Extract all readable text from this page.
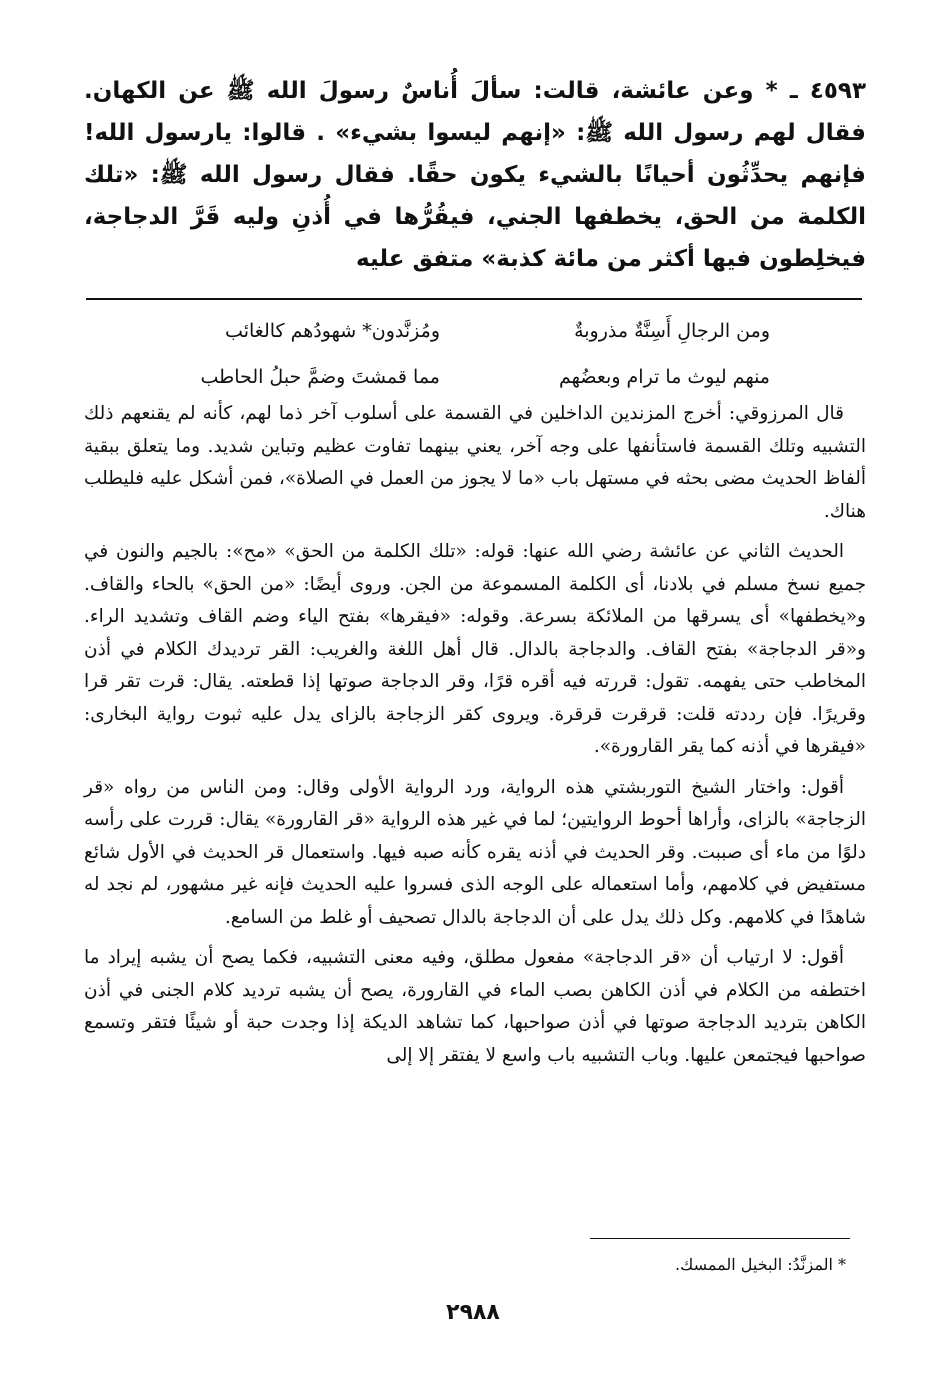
٤٥٩٣ ـ * وعن عائشة، قالت: سألَ أُناسٌ رسولَ الله ﷺ عن الكهان. فقال لهم رسول الله ﷺ: «إنهم ليسوا بشيء» . قالوا: يارسول الله! فإنهم يحدِّثُون أحيانًا بالشيء يكون حقًا. فقال رسول الله ﷺ: «تلك الكلمة من الحق، يخطفها الجني، فيقُرُّها في أُذنِ وليه قَرَّ الدجاجة، فيخلِطون فيها أكثر من مائة كذبة» متفق عليه
ومن الرجالِ أَسِنَّةٌ مذروبةٌ
ومُزنَّدون* شهودُهم كالغائب
منهم ليوث ما ترام وبعضُهم
مما قمشتَ وضمَّ حبلُ الحاطب

قال المرزوقي: أخرج المزندين الداخلين في القسمة على أسلوب آخر ذما لهم، كأنه لم يقنعهم ذلك التشبيه وتلك القسمة فاستأنفها على وجه آخر، يعني بينهما تفاوت عظيم وتباين شديد. وما يتعلق ببقية ألفاظ الحديث مضى بحثه في مستهل باب «ما لا يجوز من العمل في الصلاة»، فمن أشكل عليه فليطلب هناك.

الحديث الثاني عن عائشة رضي الله عنها: قوله: «تلك الكلمة من الحق» «مح»: بالجيم والنون في جميع نسخ مسلم في بلادنا، أى الكلمة المسموعة من الجن. وروى أيضًا: «من الحق» بالحاء والقاف. و«يخطفها» أى يسرقها من الملائكة بسرعة. وقوله: «فيقرها» بفتح الياء وضم القاف وتشديد الراء. و«قر الدجاجة» بفتح القاف. والدجاجة بالدال. قال أهل اللغة والغريب: القر ترديدك الكلام في أذن المخاطب حتى يفهمه. تقول: قررته فيه أقره قرًا، وقر الدجاجة صوتها إذا قطعته. يقال: قرت تقر قرا وقريرًا. فإن رددته قلت: قرقرت قرقرة. ويروى كقر الزجاجة بالزاى يدل عليه ثبوت رواية البخارى: «فيقرها في أذنه كما يقر القارورة».

أقول: واختار الشيخ التوربشتي هذه الرواية، ورد الرواية الأولى وقال: ومن الناس من رواه «قر الزجاجة» بالزاى، وأراها أحوط الروايتين؛ لما في غير هذه الرواية «قر القارورة» يقال: قررت على رأسه دلوًا من ماء أى صببت. وقر الحديث في أذنه يقره كأنه صبه فيها. واستعمال قر الحديث في الأول شائع مستفيض في كلامهم، وأما استعماله على الوجه الذى فسروا عليه الحديث فإنه غير مشهور، لم نجد له شاهدًا في كلامهم. وكل ذلك يدل على أن الدجاجة بالدال تصحيف أو غلط من السامع.

أقول: لا ارتياب أن «قر الدجاجة» مفعول مطلق، وفيه معنى التشبيه، فكما يصح أن يشبه إيراد ما اختطفه من الكلام في أذن الكاهن بصب الماء في القارورة، يصح أن يشبه ترديد كلام الجنى في أذن الكاهن بترديد الدجاجة صوتها في أذن صواحبها، كما تشاهد الديكة إذا وجدت حبة أو شيئًا فتقر وتسمع صواحبها فيجتمعن عليها. وباب التشبيه باب واسع لا يفتقر إلا إلى

* المزنَّدُ: البخيل الممسك.
٢٩٨٨
